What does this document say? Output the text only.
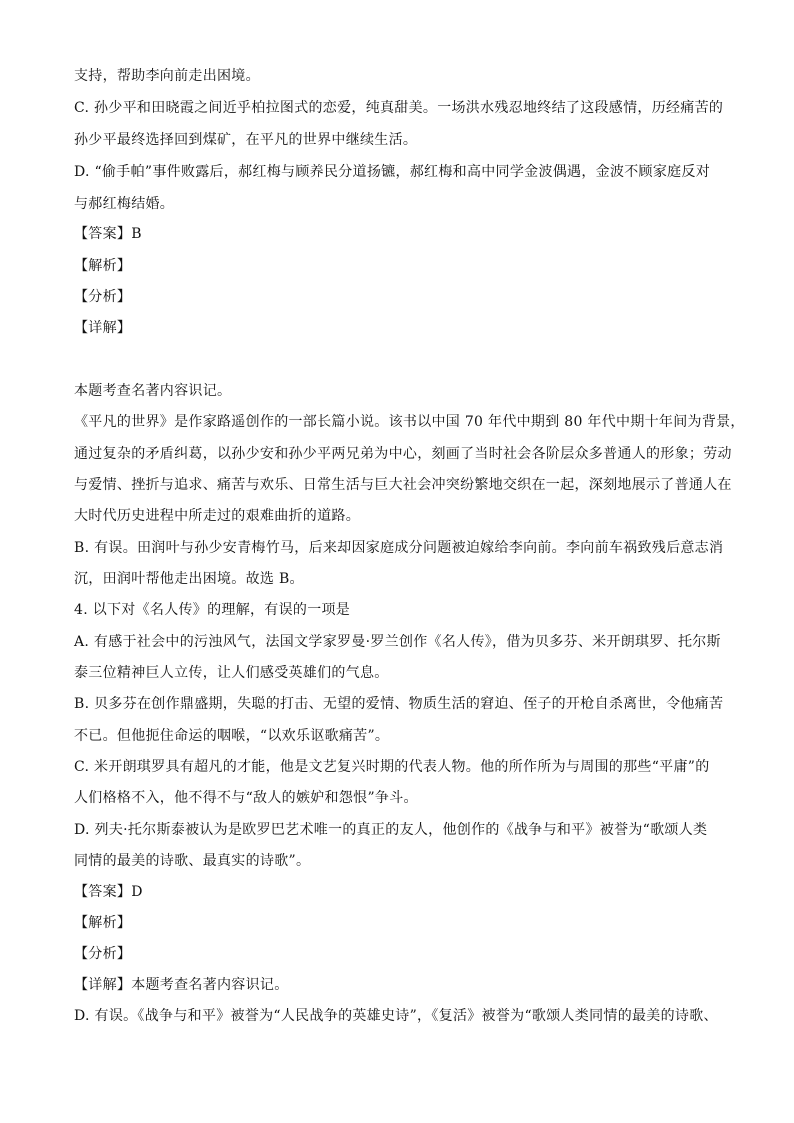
支持，帮助李向前走出困境。
C. 孙少平和田晓霞之间近乎柏拉图式的恋爱，纯真甜美。一场洪水残忍地终结了这段感情，历经痛苦的
孙少平最终选择回到煤矿，在平凡的世界中继续生活。
D. “偷手帕”事件败露后，郝红梅与顾养民分道扬镳，郝红梅和高中同学金波偶遇，金波不顾家庭反对
与郝红梅结婚。
【答案】B
【解析】
【分析】
【详解】
本题考查名著内容识记。
《平凡的世界》是作家路遥创作的一部长篇小说。该书以中国 70 年代中期到 80 年代中期十年间为背景，
通过复杂的矛盾纠葛，以孙少安和孙少平两兄弟为中心，刻画了当时社会各阶层众多普通人的形象；劳动
与爱情、挫折与追求、痛苦与欢乐、日常生活与巨大社会冲突纷繁地交织在一起，深刻地展示了普通人在
大时代历史进程中所走过的艰难曲折的道路。
B. 有误。田润叶与孙少安青梅竹马，后来却因家庭成分问题被迫嫁给李向前。李向前车祸致残后意志消
沉，田润叶帮他走出困境。故选 B。
4. 以下对《名人传》的理解，有误的一项是
A. 有感于社会中的污浊风气，法国文学家罗曼·罗兰创作《名人传》，借为贝多芬、米开朗琪罗、托尔斯
泰三位精神巨人立传，让人们感受英雄们的气息。
B. 贝多芬在创作鼎盛期，失聪的打击、无望的爱情、物质生活的窘迫、侄子的开枪自杀离世，令他痛苦
不已。但他扼住命运的咽喉，“以欢乐讴歌痛苦”。
C. 米开朗琪罗具有超凡的才能，他是文艺复兴时期的代表人物。他的所作所为与周围的那些“平庸”的
人们格格不入，他不得不与“敌人的嫉妒和怨恨”争斗。
D. 列夫·托尔斯泰被认为是欧罗巴艺术唯一的真正的友人，他创作的《战争与和平》被誉为“歌颂人类
同情的最美的诗歌、最真实的诗歌”。
【答案】D
【解析】
【分析】
【详解】本题考查名著内容识记。
D. 有误。《战争与和平》被誉为“人民战争的英雄史诗”，《复活》被誉为“歌颂人类同情的最美的诗歌、
